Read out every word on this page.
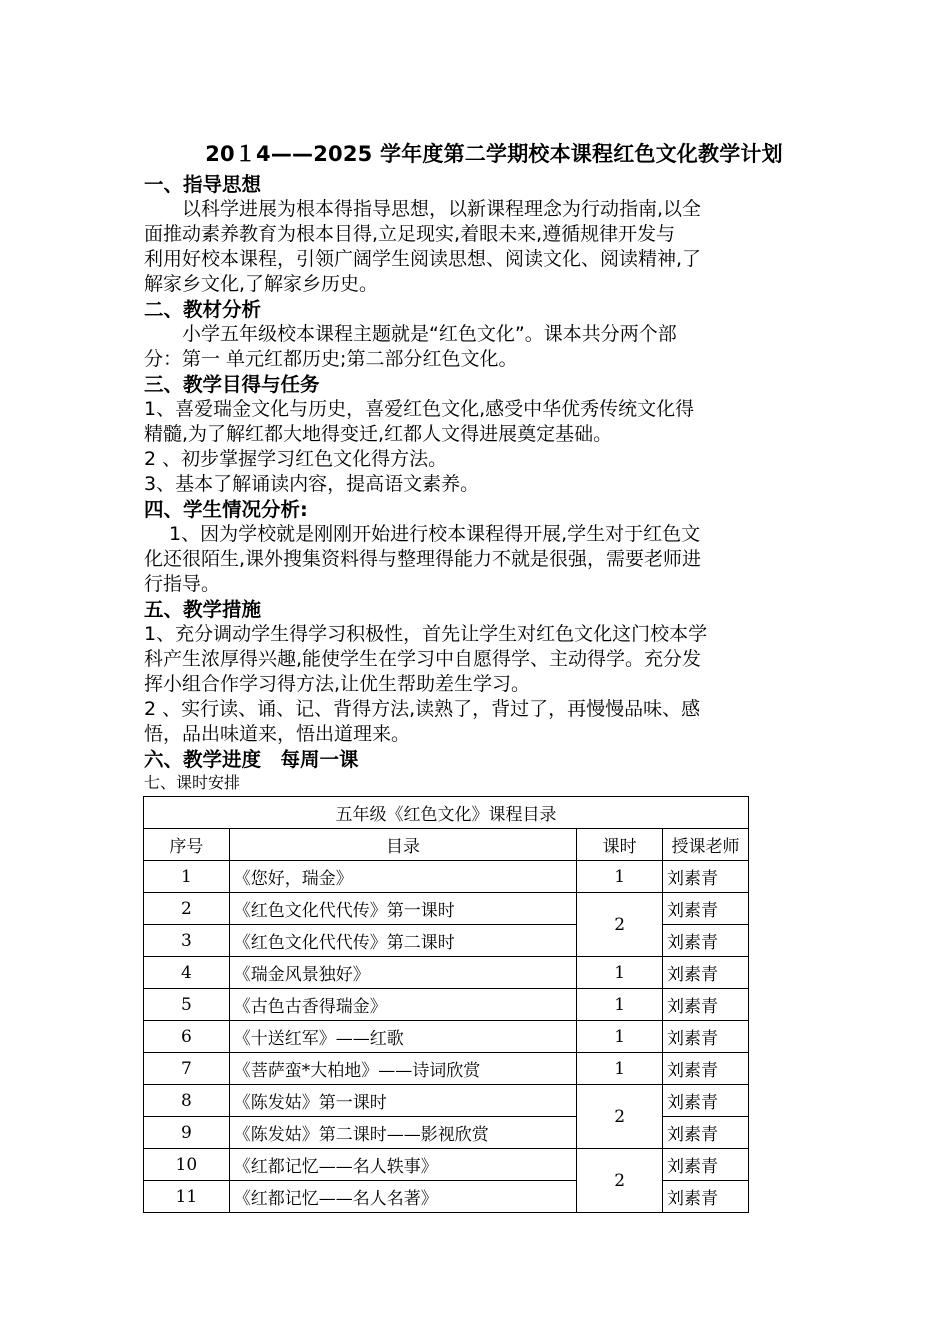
20１4——2025 学年度第二学期校本课程红色文化教学计划
一、指导思想
　　以科学进展为根本得指导思想，以新课程理念为行动指南,以全
面推动素养教育为根本目得,立足现实,着眼未来,遵循规律开发与
利用好校本课程，引领广阔学生阅读思想、阅读文化、阅读精神,了
解家乡文化,了解家乡历史。
二、教材分析
　　小学五年级校本课程主题就是“红色文化”。课本共分两个部
分：第一 单元红都历史;第二部分红色文化。
三、教学目得与任务
1、喜爱瑞金文化与历史，喜爱红色文化,感受中华优秀传统文化得
精髓,为了解红都大地得变迁,红都人文得进展奠定基础。
2 、初步掌握学习红色文化得方法。
3、基本了解诵读内容，提高语文素养。
四、学生情况分析:
　 1、因为学校就是刚刚开始进行校本课程得开展,学生对于红色文
化还很陌生,课外搜集资料得与整理得能力不就是很强，需要老师进
行指导。
五、教学措施
1、充分调动学生得学习积极性，首先让学生对红色文化这门校本学
科产生浓厚得兴趣,能使学生在学习中自愿得学、主动得学。充分发
挥小组合作学习得方法,让优生帮助差生学习。
2 、实行读、诵、记、背得方法,读熟了，背过了，再慢慢品味、感
悟，品出味道来，悟出道理来。
六、教学进度　每周一课
七、课时安排
五年级《红色文化》课程目录			
序号	目录	课时	授课老师
1	《您好，瑞金》	1	刘素青
2	《红色文化代代传》第一课时	2	刘素青
3	《红色文化代代传》第二课时		刘素青
4	《瑞金风景独好》	1	刘素青
5	《古色古香得瑞金》	1	刘素青
6	《十送红军》——红歌	1	刘素青
7	《菩萨蛮*大柏地》——诗词欣赏	1	刘素青
8	《陈发姑》第一课时	2	刘素青
9	《陈发姑》第二课时——影视欣赏		刘素青
10	《红都记忆——名人轶事》	2	刘素青
11	《红都记忆——名人名著》		刘素青
